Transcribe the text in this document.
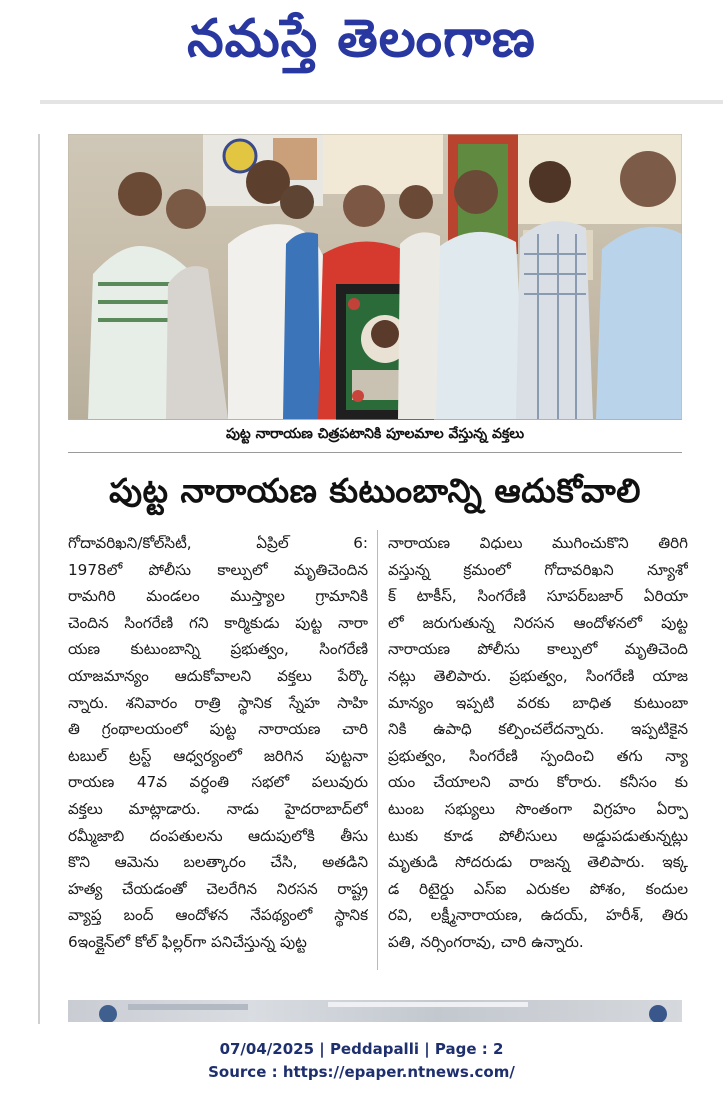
నమస్తే తెలంగాణ
పుట్ట నారాయణ చిత్రపటానికి పూలమాల వేస్తున్న వక్తలు
పుట్ట నారాయణ కుటుంబాన్ని ఆదుకోవాలి
గోదావరిఖని/కోల్‌సిటీ, ఏప్రిల్ 6:
1978లో పోలీసు కాల్పులో మృతిచెందిన
రామగిరి మండలం ముస్త్యాల గ్రామానికి
చెందిన సింగరేణి గని కార్మికుడు పుట్ట నారా
యణ కుటుంబాన్ని ప్రభుత్వం, సింగరేణి
యాజమాన్యం ఆదుకోవాలని వక్తలు పేర్కొ
న్నారు. శనివారం రాత్రి స్థానిక స్నేహ సాహి
తి గ్రంథాలయంలో పుట్ట నారాయణ చారి
టబుల్ ట్రస్ట్ ఆధ్వర్యంలో జరిగిన పుట్టనా
రాయణ 47వ వర్ధంతి సభలో పలువురు
వక్తలు మాట్లాడారు. నాడు హైదరాబాద్‌లో
రమ్మీజాబి దంపతులను ఆదుపులోకి తీసు
కొని ఆమెను బలత్కారం చేసి, అతడిని
హత్య చేయడంతో చెలరేగిన నిరసన రాష్ట్ర
వ్యాప్త బంద్ ఆందోళన నేపథ్యంలో స్థానిక
6ఇంక్లైన్‌లో కోల్ ఫిల్లర్‌గా పనిచేస్తున్న పుట్ట
నారాయణ విధులు ముగించుకొని తిరిగి
వస్తున్న క్రమంలో గోదావరిఖని న్యూశో
క్ టాకీస్, సింగరేణి సూపర్‌బజార్ ఏరియా
లో జరుగుతున్న నిరసన ఆందోళనలో పుట్ట
నారాయణ పోలీసు కాల్పులో మృతిచెంది
నట్లు తెలిపారు. ప్రభుత్వం, సింగరేణి యాజ
మాన్యం ఇప్పటి వరకు బాధిత కుటుంబా
నికి ఉపాధి కల్పించలేదన్నారు. ఇప్పటికైన
ప్రభుత్వం, సింగరేణి స్పందించి తగు న్యా
యం చేయాలని వారు కోరారు. కనీసం కు
టుంబ సభ్యులు సొంతంగా విగ్రహం ఏర్పా
టుకు కూడ పోలీసులు అడ్డుపడుతున్నట్లు
మృతుడి సోదరుడు రాజన్న తెలిపారు. ఇక్క
డ రిటైర్డు ఎస్ఐ ఎరుకల పోశం, కందుల
రవి, లక్ష్మీనారాయణ, ఉదయ్, హరీశ్, తిరు
పతి, నర్సింగరావు, చారి ఉన్నారు.
07/04/2025 | Peddapalli | Page : 2
Source : https://epaper.ntnews.com/
